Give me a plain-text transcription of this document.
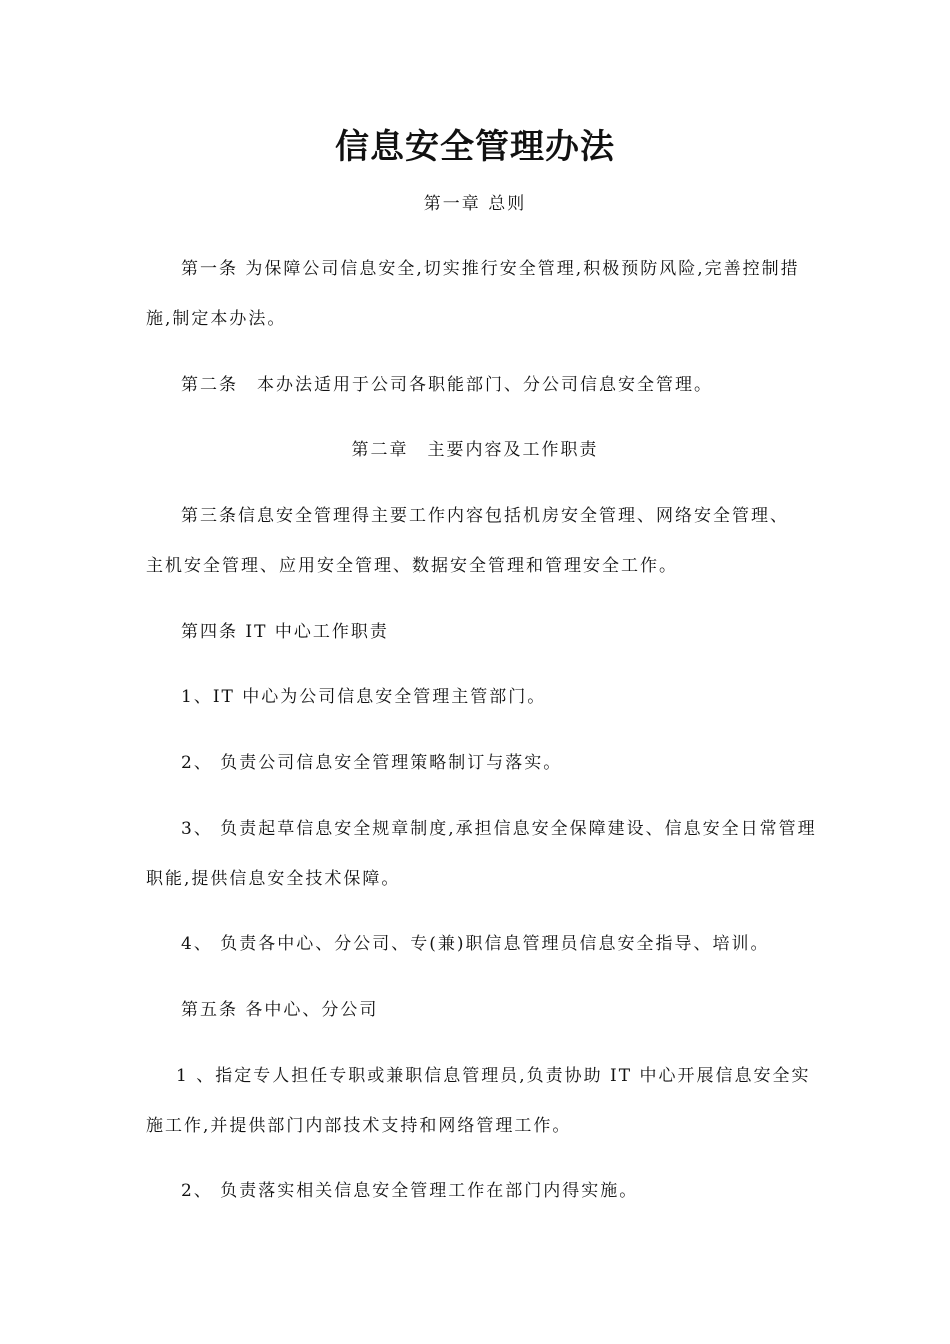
信息安全管理办法
第一章 总则
第一条 为保障公司信息安全,切实推行安全管理,积极预防风险,完善控制措
施,制定本办法。
第二条　本办法适用于公司各职能部门、分公司信息安全管理。
第二章　主要内容及工作职责
第三条信息安全管理得主要工作内容包括机房安全管理、网络安全管理、
主机安全管理、应用安全管理、数据安全管理和管理安全工作。
第四条 IT 中心工作职责
1、IT 中心为公司信息安全管理主管部门。
2、 负责公司信息安全管理策略制订与落实。
3、 负责起草信息安全规章制度,承担信息安全保障建设、信息安全日常管理
职能,提供信息安全技术保障。
4、 负责各中心、分公司、专(兼)职信息管理员信息安全指导、培训。
第五条 各中心、分公司
1 、指定专人担任专职或兼职信息管理员,负责协助 IT 中心开展信息安全实
施工作,并提供部门内部技术支持和网络管理工作。
2、 负责落实相关信息安全管理工作在部门内得实施。
